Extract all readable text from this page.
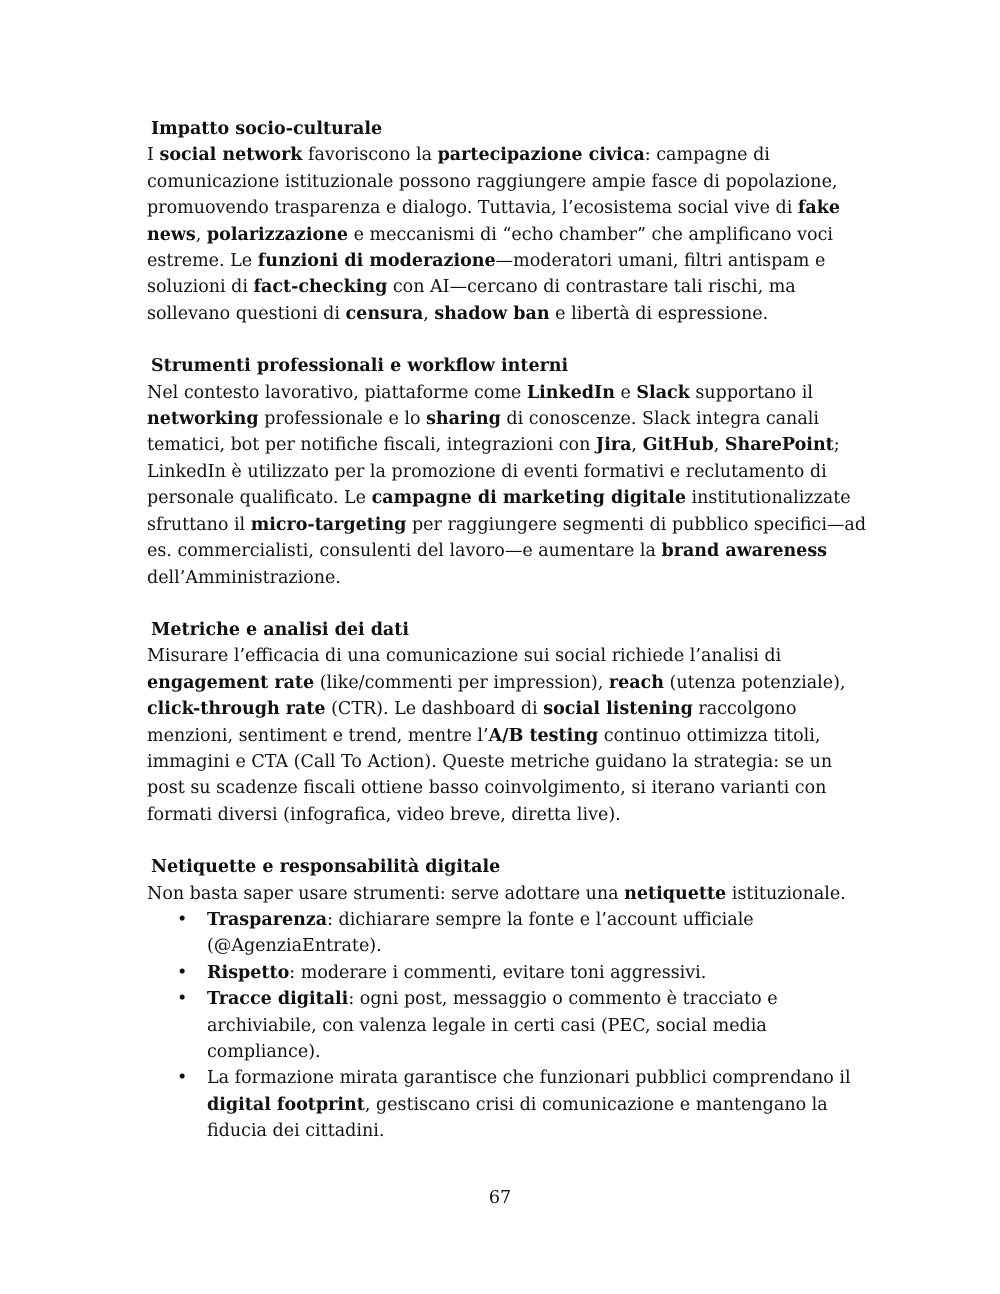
Impatto socio-culturale

I social network favoriscono la partecipazione civica: campagne di comunicazione istituzionale possono raggiungere ampie fasce di popolazione, promuovendo trasparenza e dialogo. Tuttavia, l’ecosistema social vive di fake news, polarizzazione e meccanismi di “echo chamber” che amplificano voci estreme. Le funzioni di moderazione—moderatori umani, filtri antispam e soluzioni di fact-checking con AI—cercano di contrastare tali rischi, ma sollevano questioni di censura, shadow ban e libertà di espressione.

Strumenti professionali e workflow interni

Nel contesto lavorativo, piattaforme come LinkedIn e Slack supportano il networking professionale e lo sharing di conoscenze. Slack integra canali tematici, bot per notifiche fiscali, integrazioni con Jira, GitHub, SharePoint; LinkedIn è utilizzato per la promozione di eventi formativi e reclutamento di personale qualificato. Le campagne di marketing digitale institutionalizzate sfruttano il micro-targeting per raggiungere segmenti di pubblico specifici—ad es. commercialisti, consulenti del lavoro—e aumentare la brand awareness dell’Amministrazione.

Metriche e analisi dei dati

Misurare l’efficacia di una comunicazione sui social richiede l’analisi di engagement rate (like/commenti per impression), reach (utenza potenziale), click-through rate (CTR). Le dashboard di social listening raccolgono menzioni, sentiment e trend, mentre l’A/B testing continuo ottimizza titoli, immagini e CTA (Call To Action). Queste metriche guidano la strategia: se un post su scadenze fiscali ottiene basso coinvolgimento, si iterano varianti con formati diversi (infografica, video breve, diretta live).

Netiquette e responsabilità digitale

Non basta saper usare strumenti: serve adottare una netiquette istituzionale.

• Trasparenza: dichiarare sempre la fonte e l’account ufficiale (@AgenziaEntrate).
• Rispetto: moderare i commenti, evitare toni aggressivi.
• Tracce digitali: ogni post, messaggio o commento è tracciato e archiviabile, con valenza legale in certi casi (PEC, social media compliance).
• La formazione mirata garantisce che funzionari pubblici comprendano il digital footprint, gestiscano crisi di comunicazione e mantengano la fiducia dei cittadini.
67
